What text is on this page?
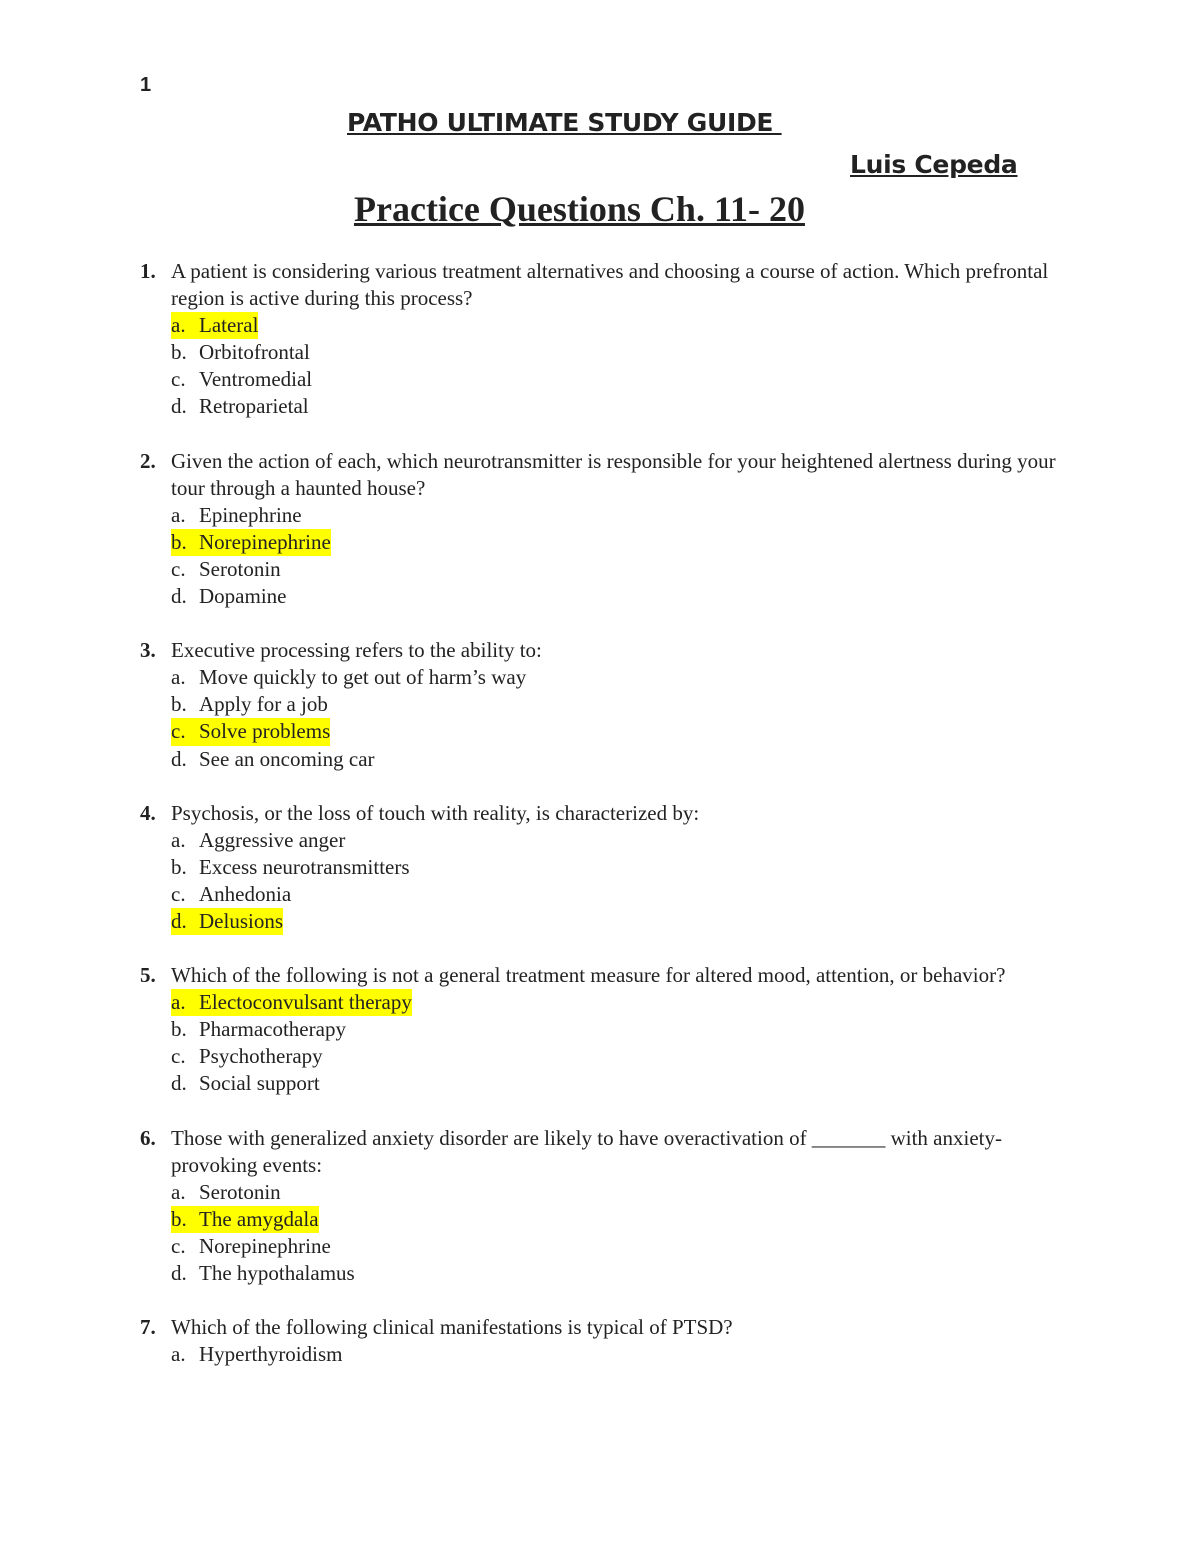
1
PATHO ULTIMATE STUDY GUIDE
Luis Cepeda
Practice Questions Ch. 11- 20
1. A patient is considering various treatment alternatives and choosing a course of action. Which prefrontal region is active during this process?
a. Lateral
b. Orbitofrontal
c. Ventromedial
d. Retroparietal
2. Given the action of each, which neurotransmitter is responsible for your heightened alertness during your tour through a haunted house?
a. Epinephrine
b. Norepinephrine
c. Serotonin
d. Dopamine
3. Executive processing refers to the ability to:
a. Move quickly to get out of harm’s way
b. Apply for a job
c. Solve problems
d. See an oncoming car
4. Psychosis, or the loss of touch with reality, is characterized by:
a. Aggressive anger
b. Excess neurotransmitters
c. Anhedonia
d. Delusions
5. Which of the following is not a general treatment measure for altered mood, attention, or behavior?
a. Electoconvulsant therapy
b. Pharmacotherapy
c. Psychotherapy
d. Social support
6. Those with generalized anxiety disorder are likely to have overactivation of _______ with anxiety-provoking events:
a. Serotonin
b. The amygdala
c. Norepinephrine
d. The hypothalamus
7. Which of the following clinical manifestations is typical of PTSD?
a. Hyperthyroidism
